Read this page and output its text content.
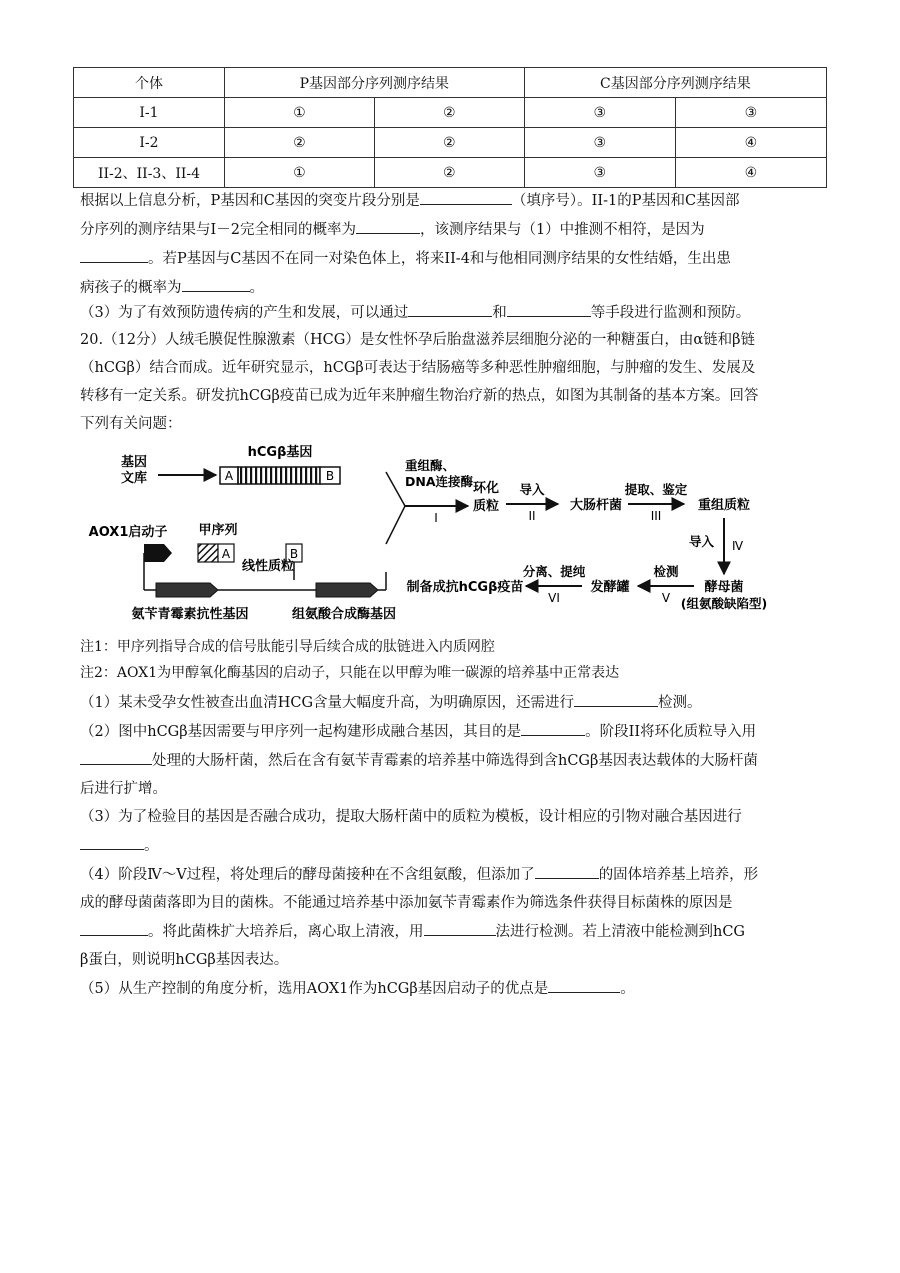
个体	P基因部分序列测序结果		C基因部分序列测序结果	
I-1	①	②	③	③
I-2	②	②	③	④
II-2、II-3、II-4	①	②	③	④
根据以上信息分析，P基因和C基因的突变片段分别是	（填序号）。II-1的P基因和C基因部
分序列的测序结果与I－2完全相同的概率为	，该测序结果与（1）中推测不相符，是因为
。若P基因与C基因不在同一对染色体上，将来II-4和与他相同测序结果的女性结婚，生出患
病孩子的概率为	。
（3）为了有效预防遗传病的产生和发展，可以通过	和	等手段进行监测和预防。
20.（12分）人绒毛膜促性腺激素（HCG）是女性怀孕后胎盘滋养层细胞分泌的一种糖蛋白，由α链和β链
（hCGβ）结合而成。近年研究显示，hCGβ可表达于结肠癌等多种恶性肿瘤细胞，与肿瘤的发生、发展及
转移有一定关系。研发抗hCGβ疫苗已成为近年来肿瘤生物治疗新的热点，如图为其制备的基本方案。回答
下列有关问题：
基因
文库
hCGβ基因
A	B
AOX1启动子 甲序列
A	B
线性质粒
氨苄青霉素抗性基因	组氨酸合成酶基因
重组酶、
DNA连接酶
I
环化
质粒
导入
II
大肠杆菌
提取、鉴定
III
重组质粒
导入 Ⅳ
酵母菌
(组氨酸缺陷型)
检测
V
发酵罐
分离、提纯
VI
制备成抗hCGβ疫苗
注1：甲序列指导合成的信号肽能引导后续合成的肽链进入内质网腔
注2：AOX1为甲醇氧化酶基因的启动子，只能在以甲醇为唯一碳源的培养基中正常表达
（1）某未受孕女性被查出血清HCG含量大幅度升高，为明确原因，还需进行	检测。
（2）图中hCGβ基因需要与甲序列一起构建形成融合基因，其目的是	。阶段II将环化质粒导入用
处理的大肠杆菌，然后在含有氨苄青霉素的培养基中筛选得到含hCGβ基因表达载体的大肠杆菌
后进行扩增。
（3）为了检验目的基因是否融合成功，提取大肠杆菌中的质粒为模板，设计相应的引物对融合基因进行
。
（4）阶段Ⅳ～V过程，将处理后的酵母菌接种在不含组氨酸，但添加了	的固体培养基上培养，形
成的酵母菌菌落即为目的菌株。不能通过培养基中添加氨苄青霉素作为筛选条件获得目标菌株的原因是
。将此菌株扩大培养后，离心取上清液，用	法进行检测。若上清液中能检测到hCG
β蛋白，则说明hCGβ基因表达。
（5）从生产控制的角度分析，选用AOX1作为hCGβ基因启动子的优点是	。
